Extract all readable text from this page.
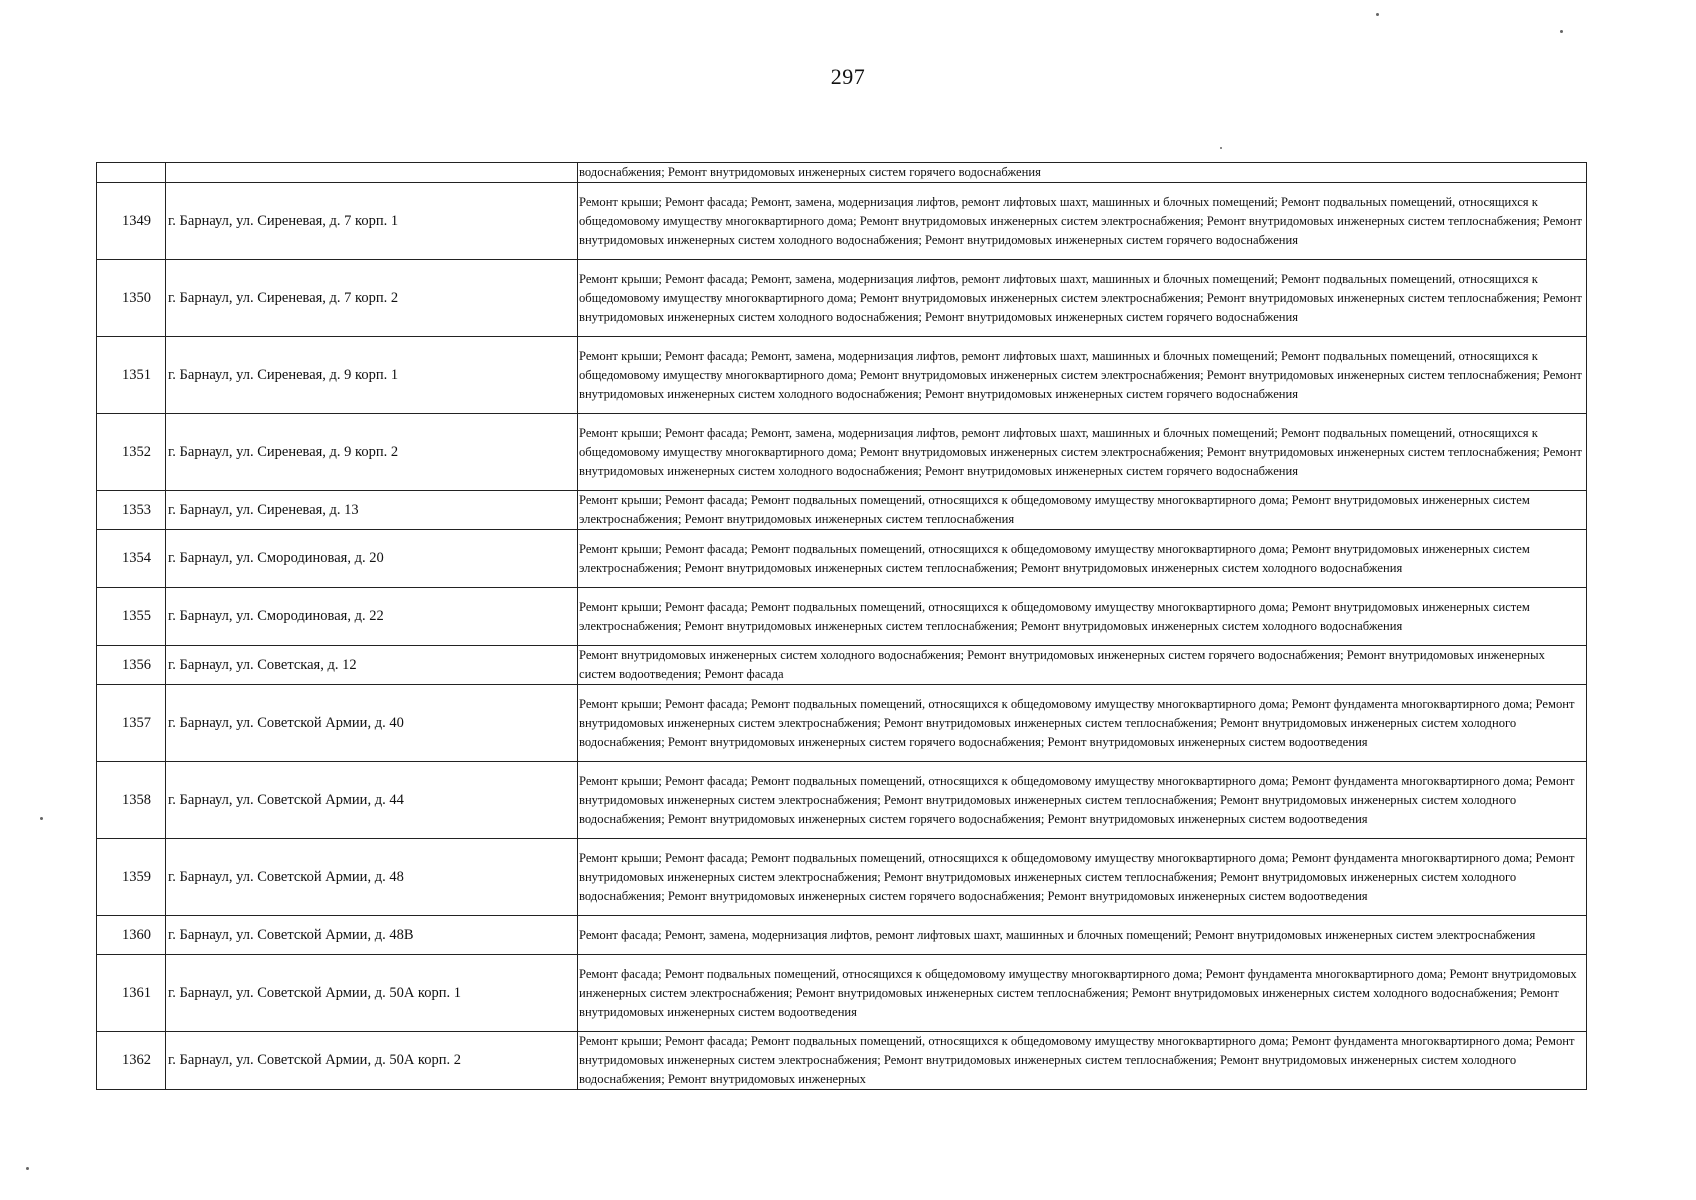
297
		водоснабжения; Ремонт внутридомовых инженерных систем горячего водоснабжения
1349	г. Барнаул, ул. Сиреневая, д. 7 корп. 1	Ремонт крыши; Ремонт фасада; Ремонт, замена, модернизация лифтов, ремонт лифтовых шахт, машинных и блочных помещений; Ремонт подвальных помещений, относящихся к общедомовому имуществу многоквартирного дома; Ремонт внутридомовых инженерных систем электроснабжения; Ремонт внутридомовых инженерных систем теплоснабжения; Ремонт внутридомовых инженерных систем холодного водоснабжения; Ремонт внутридомовых инженерных систем горячего водоснабжения
1350	г. Барнаул, ул. Сиреневая, д. 7 корп. 2	Ремонт крыши; Ремонт фасада; Ремонт, замена, модернизация лифтов, ремонт лифтовых шахт, машинных и блочных помещений; Ремонт подвальных помещений, относящихся к общедомовому имуществу многоквартирного дома; Ремонт внутридомовых инженерных систем электроснабжения; Ремонт внутридомовых инженерных систем теплоснабжения; Ремонт внутридомовых инженерных систем холодного водоснабжения; Ремонт внутридомовых инженерных систем горячего водоснабжения
1351	г. Барнаул, ул. Сиреневая, д. 9 корп. 1	Ремонт крыши; Ремонт фасада; Ремонт, замена, модернизация лифтов, ремонт лифтовых шахт, машинных и блочных помещений; Ремонт подвальных помещений, относящихся к общедомовому имуществу многоквартирного дома; Ремонт внутридомовых инженерных систем электроснабжения; Ремонт внутридомовых инженерных систем теплоснабжения; Ремонт внутридомовых инженерных систем холодного водоснабжения; Ремонт внутридомовых инженерных систем горячего водоснабжения
1352	г. Барнаул, ул. Сиреневая, д. 9 корп. 2	Ремонт крыши; Ремонт фасада; Ремонт, замена, модернизация лифтов, ремонт лифтовых шахт, машинных и блочных помещений; Ремонт подвальных помещений, относящихся к общедомовому имуществу многоквартирного дома; Ремонт внутридомовых инженерных систем электроснабжения; Ремонт внутридомовых инженерных систем теплоснабжения; Ремонт внутридомовых инженерных систем холодного водоснабжения; Ремонт внутридомовых инженерных систем горячего водоснабжения
1353	г. Барнаул, ул. Сиреневая, д. 13	Ремонт крыши; Ремонт фасада; Ремонт подвальных помещений, относящихся к общедомовому имуществу многоквартирного дома; Ремонт внутридомовых инженерных систем электроснабжения; Ремонт внутридомовых инженерных систем теплоснабжения
1354	г. Барнаул, ул. Смородиновая, д. 20	Ремонт крыши; Ремонт фасада; Ремонт подвальных помещений, относящихся к общедомовому имуществу многоквартирного дома; Ремонт внутридомовых инженерных систем электроснабжения; Ремонт внутридомовых инженерных систем теплоснабжения; Ремонт внутридомовых инженерных систем холодного водоснабжения
1355	г. Барнаул, ул. Смородиновая, д. 22	Ремонт крыши; Ремонт фасада; Ремонт подвальных помещений, относящихся к общедомовому имуществу многоквартирного дома; Ремонт внутридомовых инженерных систем электроснабжения; Ремонт внутридомовых инженерных систем теплоснабжения; Ремонт внутридомовых инженерных систем холодного водоснабжения
1356	г. Барнаул, ул. Советская, д. 12	Ремонт внутридомовых инженерных систем холодного водоснабжения; Ремонт внутридомовых инженерных систем горячего водоснабжения; Ремонт внутридомовых инженерных систем водоотведения; Ремонт фасада
1357	г. Барнаул, ул. Советской Армии, д. 40	Ремонт крыши; Ремонт фасада; Ремонт подвальных помещений, относящихся к общедомовому имуществу многоквартирного дома; Ремонт фундамента многоквартирного дома; Ремонт внутридомовых инженерных систем электроснабжения; Ремонт внутридомовых инженерных систем теплоснабжения; Ремонт внутридомовых инженерных систем холодного водоснабжения; Ремонт внутридомовых инженерных систем горячего водоснабжения; Ремонт внутридомовых инженерных систем водоотведения
1358	г. Барнаул, ул. Советской Армии, д. 44	Ремонт крыши; Ремонт фасада; Ремонт подвальных помещений, относящихся к общедомовому имуществу многоквартирного дома; Ремонт фундамента многоквартирного дома; Ремонт внутридомовых инженерных систем электроснабжения; Ремонт внутридомовых инженерных систем теплоснабжения; Ремонт внутридомовых инженерных систем холодного водоснабжения; Ремонт внутридомовых инженерных систем горячего водоснабжения; Ремонт внутридомовых инженерных систем водоотведения
1359	г. Барнаул, ул. Советской Армии, д. 48	Ремонт крыши; Ремонт фасада; Ремонт подвальных помещений, относящихся к общедомовому имуществу многоквартирного дома; Ремонт фундамента многоквартирного дома; Ремонт внутридомовых инженерных систем электроснабжения; Ремонт внутридомовых инженерных систем теплоснабжения; Ремонт внутридомовых инженерных систем холодного водоснабжения; Ремонт внутридомовых инженерных систем горячего водоснабжения; Ремонт внутридомовых инженерных систем водоотведения
1360	г. Барнаул, ул. Советской Армии, д. 48В	Ремонт фасада; Ремонт, замена, модернизация лифтов, ремонт лифтовых шахт, машинных и блочных помещений; Ремонт внутридомовых инженерных систем электроснабжения
1361	г. Барнаул, ул. Советской Армии, д. 50А корп. 1	Ремонт фасада; Ремонт подвальных помещений, относящихся к общедомовому имуществу многоквартирного дома; Ремонт фундамента многоквартирного дома; Ремонт внутридомовых инженерных систем электроснабжения; Ремонт внутридомовых инженерных систем теплоснабжения; Ремонт внутридомовых инженерных систем холодного водоснабжения; Ремонт внутридомовых инженерных систем водоотведения
1362	г. Барнаул, ул. Советской Армии, д. 50А корп. 2	Ремонт крыши; Ремонт фасада; Ремонт подвальных помещений, относящихся к общедомовому имуществу многоквартирного дома; Ремонт фундамента многоквартирного дома; Ремонт внутридомовых инженерных систем электроснабжения; Ремонт внутридомовых инженерных систем теплоснабжения; Ремонт внутридомовых инженерных систем холодного водоснабжения; Ремонт внутридомовых инженерных
